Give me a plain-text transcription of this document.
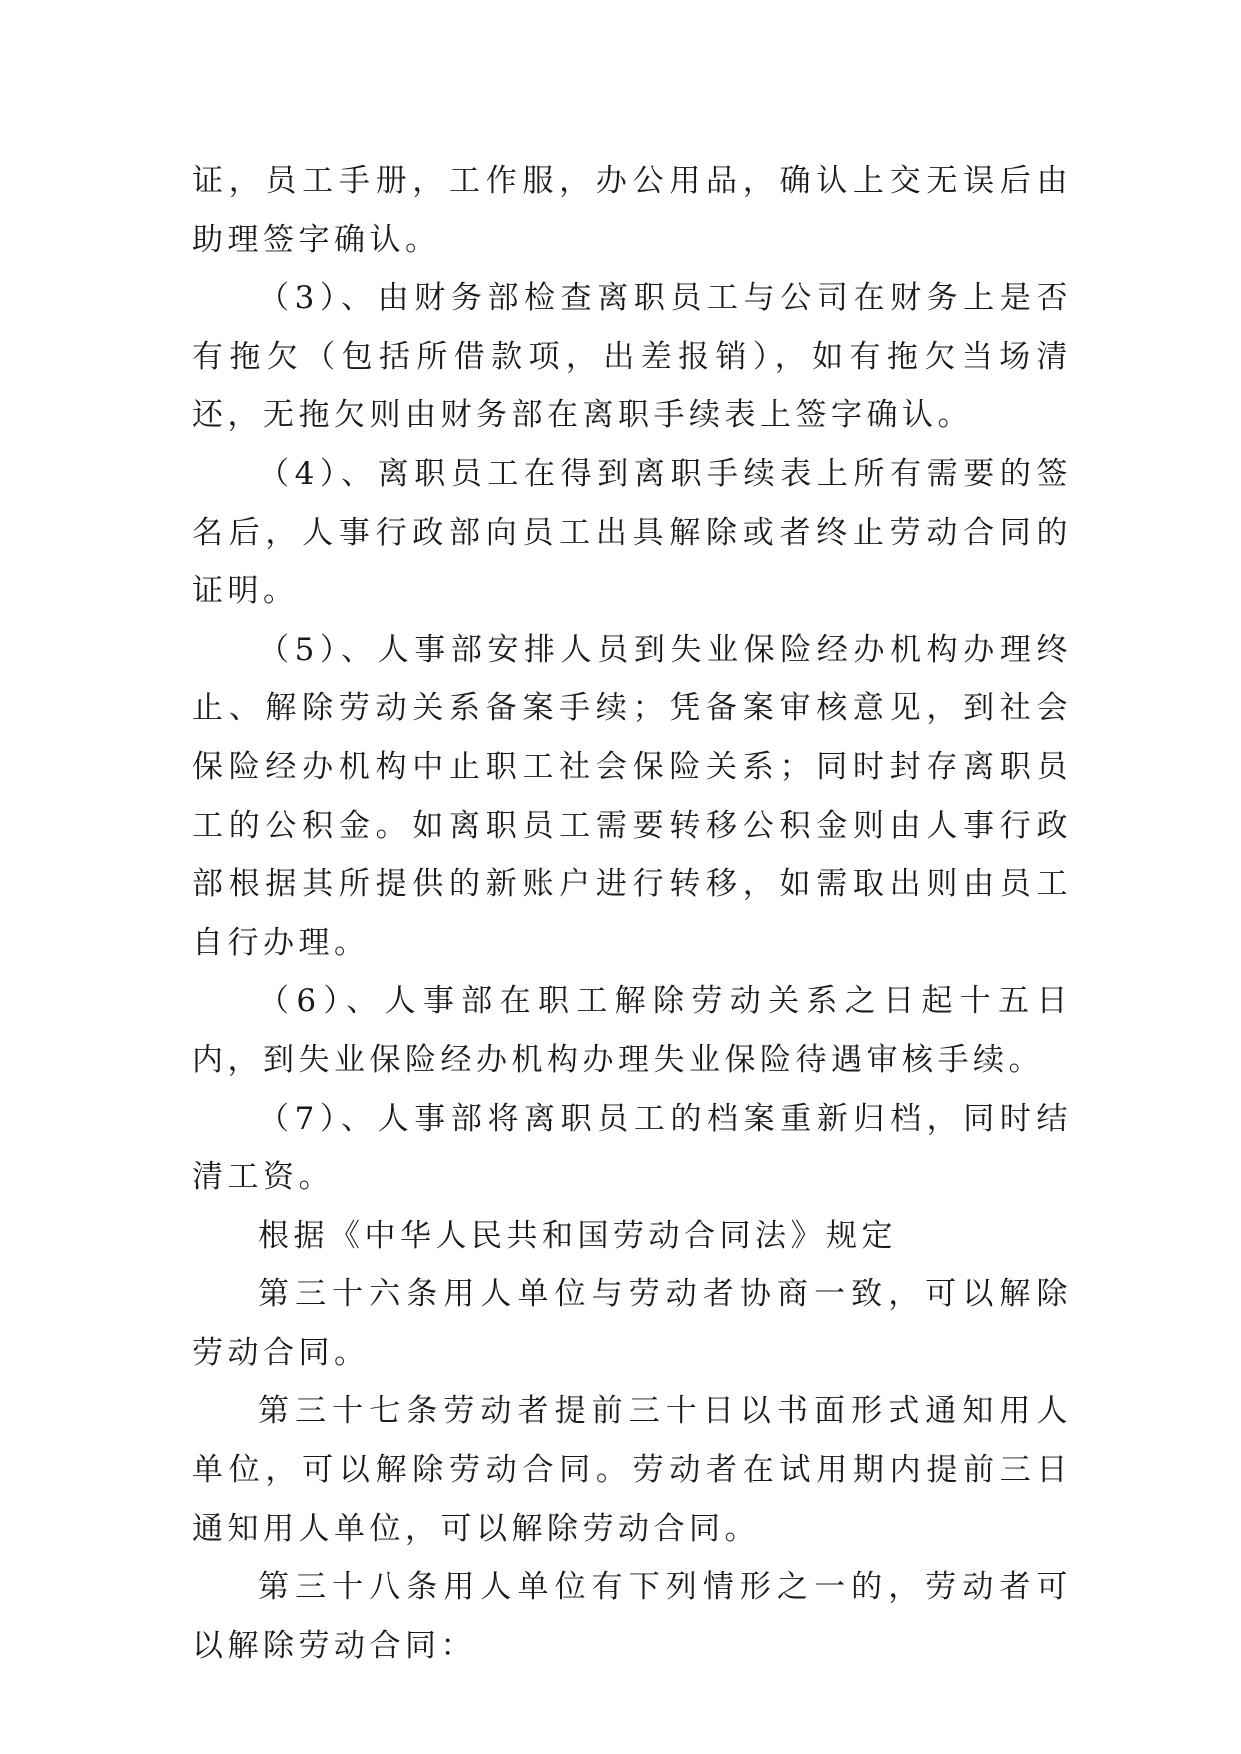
证，员工手册，工作服，办公用品，确认上交无误后由助理签字确认。

（3）、由财务部检查离职员工与公司在财务上是否有拖欠（包括所借款项，出差报销），如有拖欠当场清还，无拖欠则由财务部在离职手续表上签字确认。

（4）、离职员工在得到离职手续表上所有需要的签名后，人事行政部向员工出具解除或者终止劳动合同的证明。

（5）、人事部安排人员到失业保险经办机构办理终止、解除劳动关系备案手续；凭备案审核意见，到社会保险经办机构中止职工社会保险关系；同时封存离职员工的公积金。如离职员工需要转移公积金则由人事行政部根据其所提供的新账户进行转移，如需取出则由员工自行办理。

（6）、人事部在职工解除劳动关系之日起十五日内，到失业保险经办机构办理失业保险待遇审核手续。

（7）、人事部将离职员工的档案重新归档，同时结清工资。

根据《中华人民共和国劳动合同法》规定

第三十六条用人单位与劳动者协商一致，可以解除劳动合同。

第三十七条劳动者提前三十日以书面形式通知用人单位，可以解除劳动合同。劳动者在试用期内提前三日通知用人单位，可以解除劳动合同。

第三十八条用人单位有下列情形之一的，劳动者可以解除劳动合同：
